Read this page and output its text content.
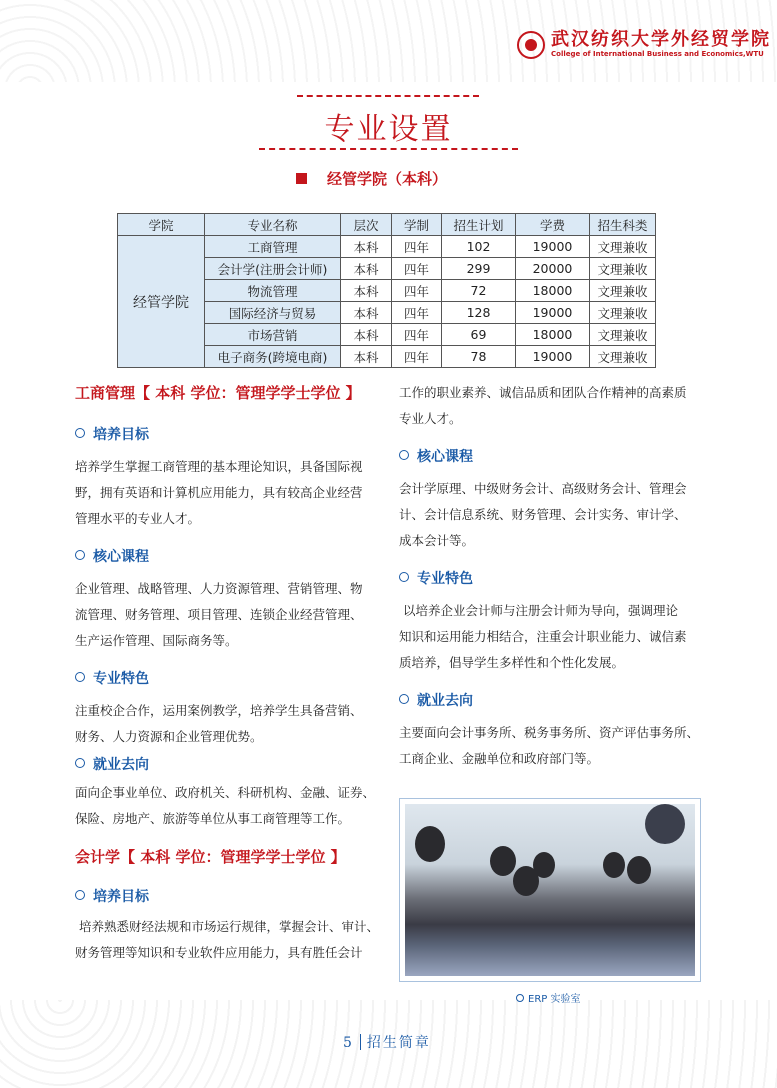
武汉纺织大学外经贸学院
College of International Business and Economics,WTU
专业设置
经管学院（本科）
学院	专业名称	层次	学制	招生计划	学费	招生科类
经管学院	工商管理	本科	四年	102	19000	文理兼收
	会计学(注册会计师)	本科	四年	299	20000	文理兼收
	物流管理	本科	四年	72	18000	文理兼收
	国际经济与贸易	本科	四年	128	19000	文理兼收
	市场营销	本科	四年	69	18000	文理兼收
	电子商务(跨境电商)	本科	四年	78	19000	文理兼收
工商管理【 本科 学位：管理学学士学位 】
培养目标
培养学生掌握工商管理的基本理论知识，具备国际视
野，拥有英语和计算机应用能力，具有较高企业经营
管理水平的专业人才。
核心课程
企业管理、战略管理、人力资源管理、营销管理、物
流管理、财务管理、项目管理、连锁企业经营管理、
生产运作管理、国际商务等。
专业特色
注重校企合作，运用案例教学，培养学生具备营销、
财务、人力资源和企业管理优势。
就业去向
面向企事业单位、政府机关、科研机构、金融、证券、
保险、房地产、旅游等单位从事工商管理等工作。
会计学【 本科 学位：管理学学士学位 】
培养目标
培养熟悉财经法规和市场运行规律，掌握会计、审计、
财务管理等知识和专业软件应用能力，具有胜任会计
工作的职业素养、诚信品质和团队合作精神的高素质
专业人才。
核心课程
会计学原理、中级财务会计、高级财务会计、管理会
计、会计信息系统、财务管理、会计实务、审计学、
成本会计等。
专业特色
以培养企业会计师与注册会计师为导向，强调理论
知识和运用能力相结合，注重会计职业能力、诚信素
质培养，倡导学生多样性和个性化发展。
就业去向
主要面向会计事务所、税务事务所、资产评估事务所、
工商企业、金融单位和政府部门等。
ERP 实验室
5 招生简章
